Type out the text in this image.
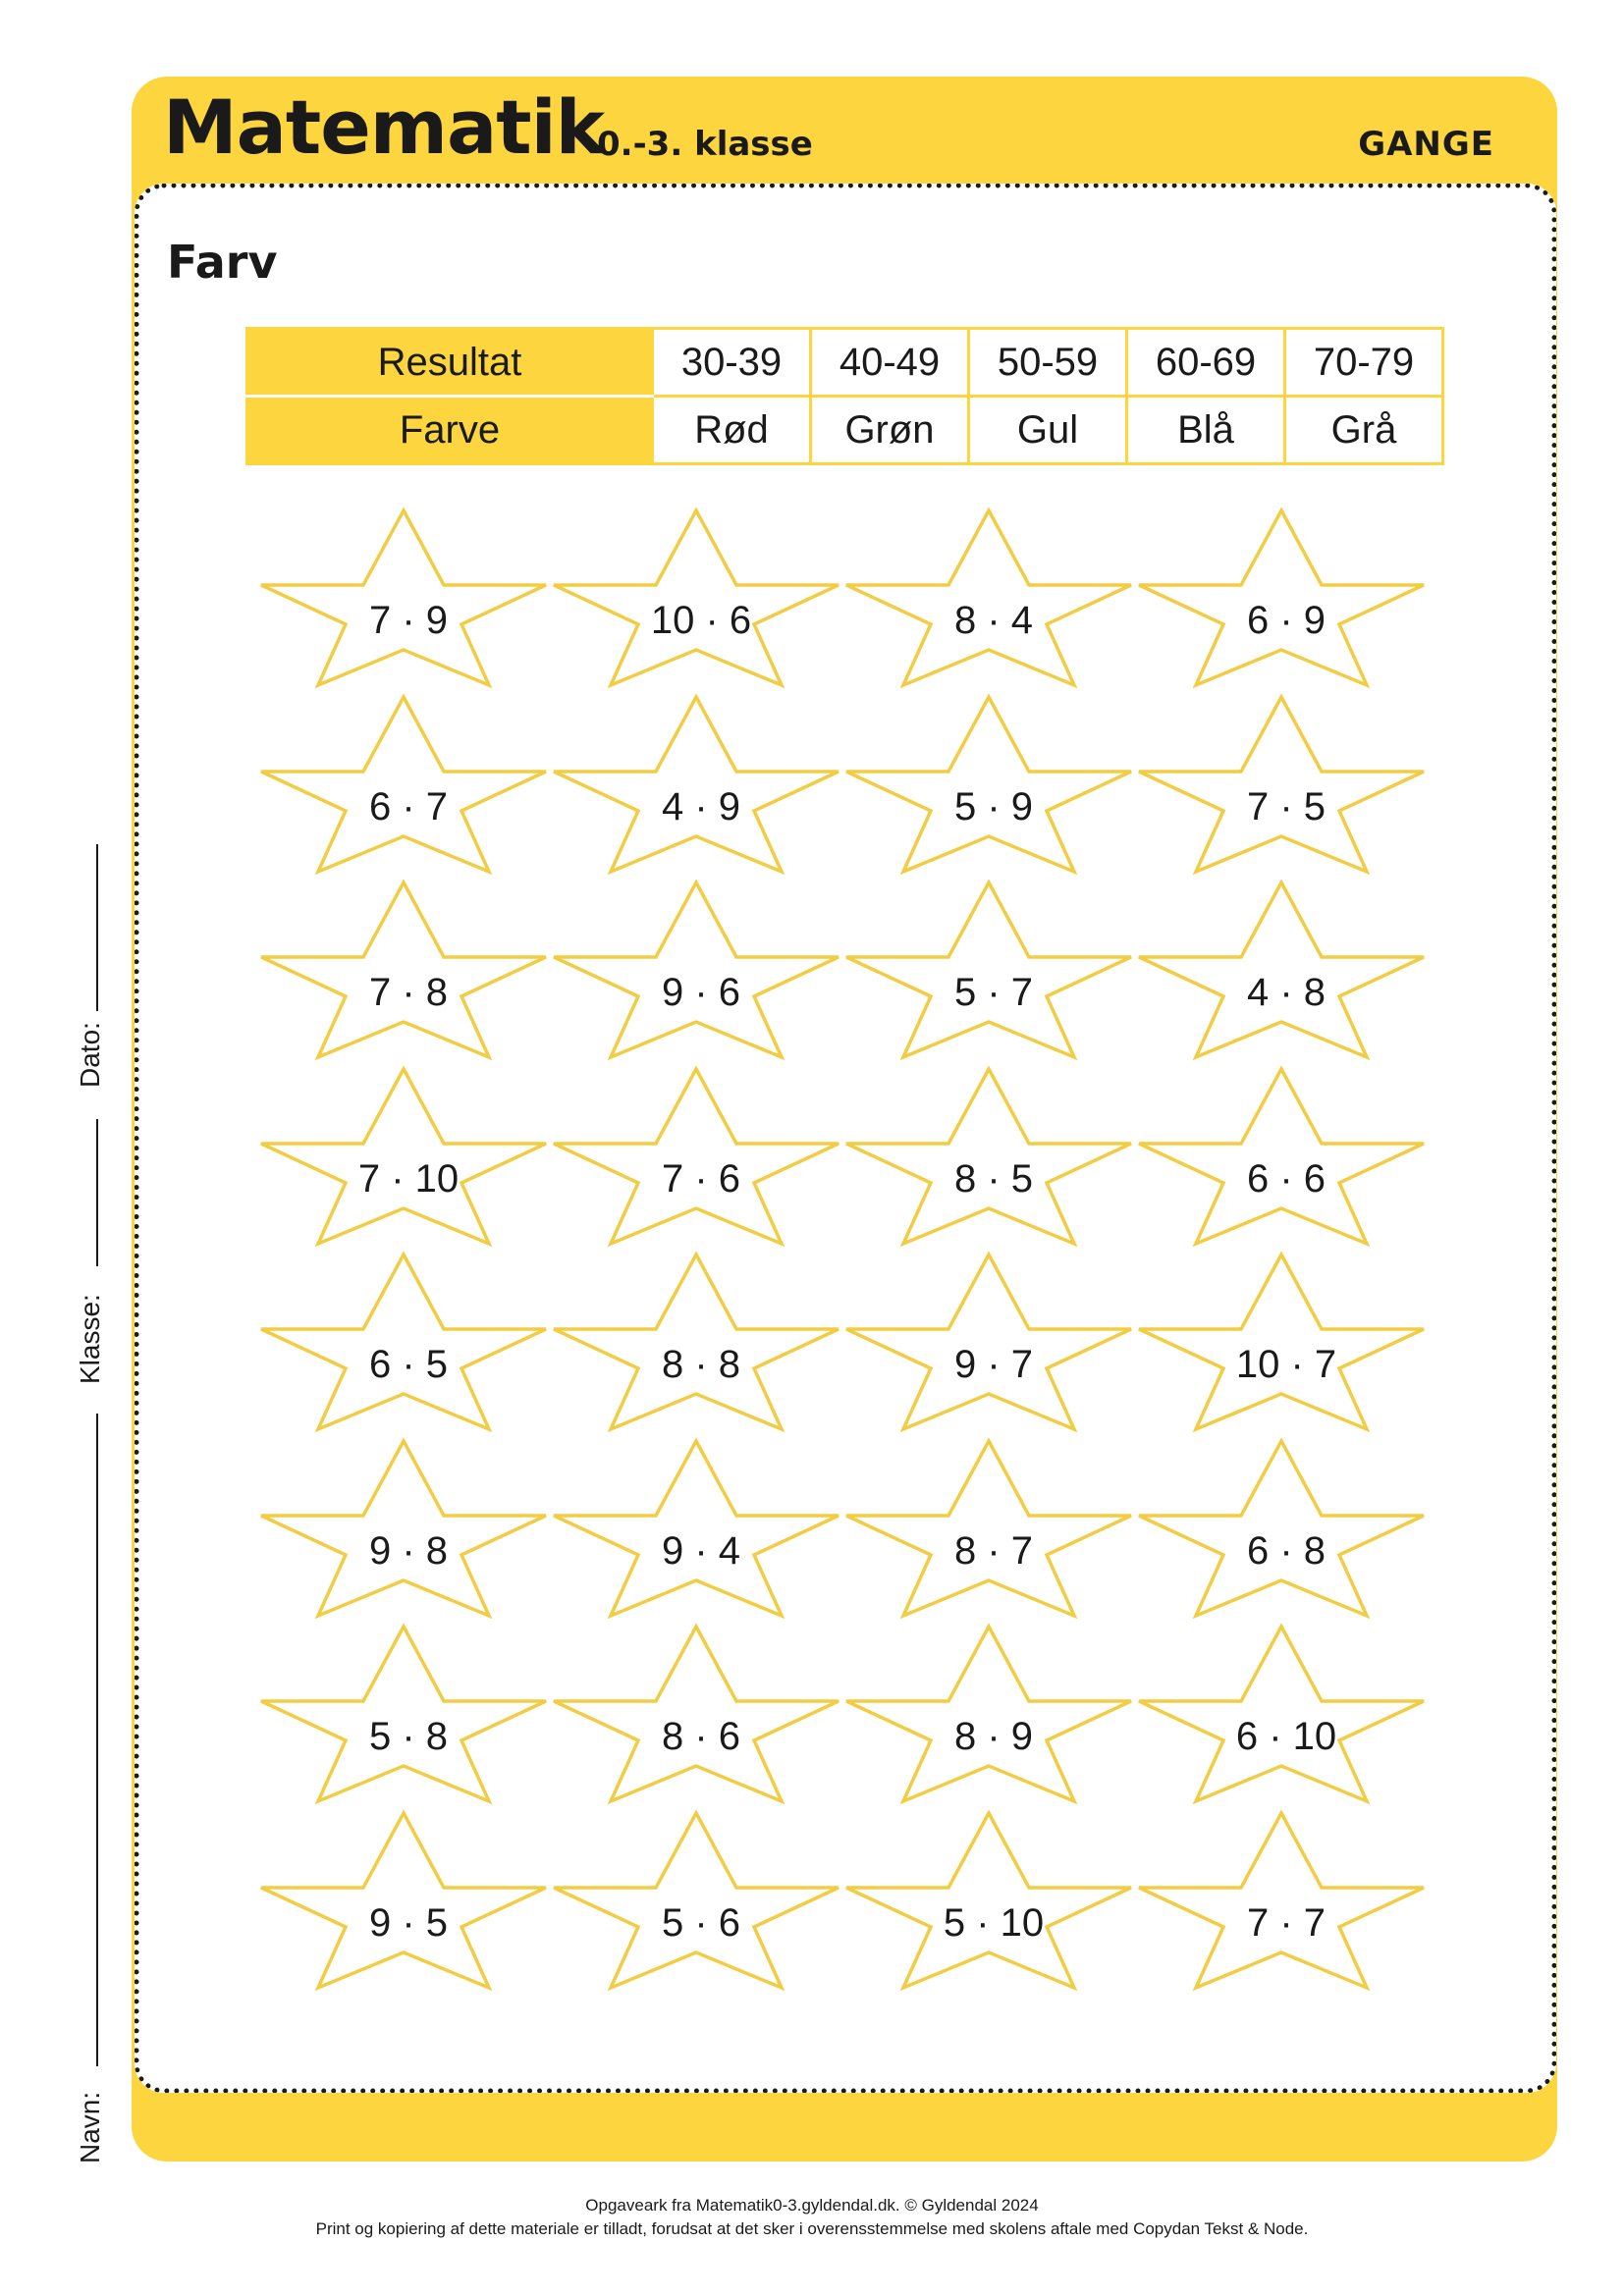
Matematik
0.-3. klasse	GANGE
Farv
Resultat	30-39	40-49	50-59	60-69	70-79
Farve	Rød	Grøn	Gul	Blå	Grå
7 · 9	10 · 6	8 · 4	6 · 9
6 · 7	4 · 9	5 · 9	7 · 5
7 · 8	9 · 6	5 · 7	4 · 8
7 · 10	7 · 6	8 · 5	6 · 6
6 · 5	8 · 8	9 · 7	10 · 7
9 · 8	9 · 4	8 · 7	6 · 8
5 · 8	8 · 6	8 · 9	6 · 10
9 · 5	5 · 6	5 · 10	7 · 7
Dato:
Klasse:
Navn:
Opgaveark fra Matematik0-3.gyldendal.dk. © Gyldendal 2024
Print og kopiering af dette materiale er tilladt, forudsat at det sker i overensstemmelse med skolens aftale med Copydan Tekst & Node.
